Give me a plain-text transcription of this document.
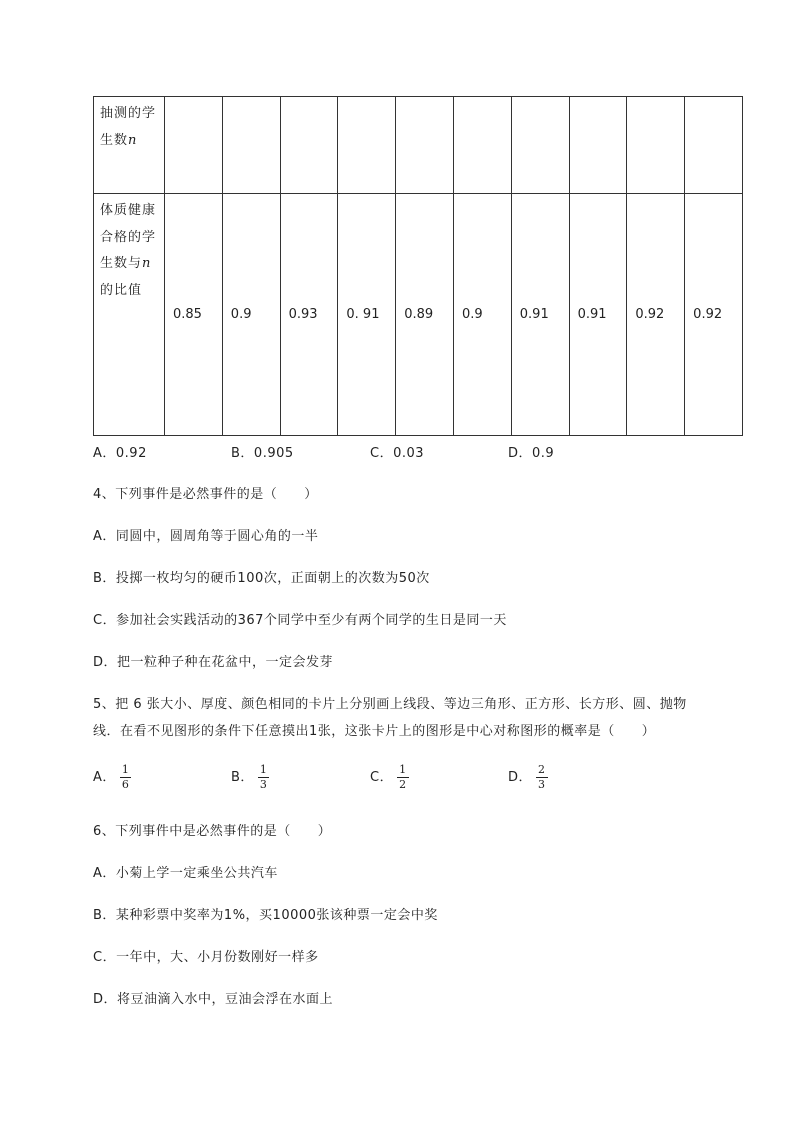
抽测的学生数n										
体质健康合格的学生数与n的比值	0.85	0.9	0.93	0. 91	0.89	0.9	0.91	0.91	0.92	0.92
A．0.92	B．0.905	C．0.03	D．0.9
4、下列事件是必然事件的是（　　）
A．同圆中，圆周角等于圆心角的一半
B．投掷一枚均匀的硬币100次，正面朝上的次数为50次
C．参加社会实践活动的367个同学中至少有两个同学的生日是同一天
D．把一粒种子种在花盆中，一定会发芽
5、把 6 张大小、厚度、颜色相同的卡片上分别画上线段、等边三角形、正方形、长方形、圆、抛物
线．在看不见图形的条件下任意摸出1张，这张卡片上的图形是中心对称图形的概率是（　　）
A． $\frac{1}{6}$	B． $\frac{1}{3}$	C． $\frac{1}{2}$	D． $\frac{2}{3}$
6、下列事件中是必然事件的是（　　）
A．小菊上学一定乘坐公共汽车
B．某种彩票中奖率为1%，买10000张该种票一定会中奖
C．一年中，大、小月份数刚好一样多
D．将豆油滴入水中，豆油会浮在水面上
